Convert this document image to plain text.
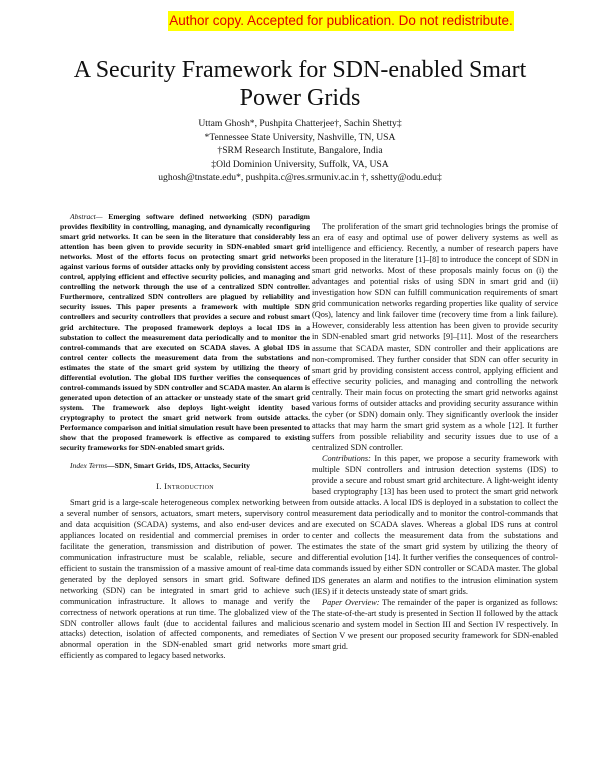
Author copy. Accepted for publication. Do not redistribute.
A Security Framework for SDN-enabled Smart
Power Grids
Uttam Ghosh*, Pushpita Chatterjee†, Sachin Shetty‡
*Tennessee State University, Nashville, TN, USA
†SRM Research Institute, Bangalore, India
‡Old Dominion University, Suffolk, VA, USA
ughosh@tnstate.edu*, pushpita.c@res.srmuniv.ac.in †, sshetty@odu.edu‡

Abstract— Emerging software defined networking (SDN) paradigm provides flexibility in controlling, managing, and dynamically reconfiguring smart grid networks. It can be seen in the literature that considerably less attention has been given to provide security in SDN-enabled smart grid networks. Most of the efforts focus on protecting smart grid networks against various forms of outsider attacks only by providing consistent access control, applying efficient and effective security policies, and managing and controlling the network through the use of a centralized SDN controller. Furthermore, centralized SDN controllers are plagued by reliability and security issues. This paper presents a framework with multiple SDN controllers and security controllers that provides a secure and robust smart grid architecture. The proposed framework deploys a local IDS in a substation to collect the measurement data periodically and to monitor the control-commands that are executed on SCADA slaves. A global IDS in control center collects the measurement data from the substations and estimates the state of the smart grid system by utilizing the theory of differential evolution. The global IDS further verifies the consequences of control-commands issued by SDN controller and SCADA master. An alarm is generated upon detection of an attacker or unsteady state of the smart grid system. The framework also deploys light-weight identity based cryptography to protect the smart grid network from outside attacks. Performance comparison and initial simulation result have been presented to show that the proposed framework is effective as compared to existing security frameworks for SDN-enabled smart grids.

Index Terms—SDN, Smart Grids, IDS, Attacks, Security

I. Introduction

Smart grid is a large-scale heterogeneous complex networking between a several number of sensors, actuators, smart meters, supervisory control and data acquisition (SCADA) systems, and also end-user devices and appliances located on residential and commercial premises in order to facilitate the generation, transmission and distribution of power. The communication infrastructure must be scalable, reliable, secure and efficient to sustain the transmission of a massive amount of real-time data generated by the deployed sensors in smart grid. Software defined networking (SDN) can be integrated in smart grid to achieve such communication infrastructure. It allows to manage and verify the correctness of network operations at run time. The globalized view of the SDN controller allows fault (due to accidental failures and malicious attacks) detection, isolation of affected components, and remediates of abnormal operation in the SDN-enabled smart grid networks more efficiently as compared to legacy based networks.

The proliferation of the smart grid technologies brings the promise of an era of easy and optimal use of power delivery systems as well as intelligence and efficiency. Recently, a number of research papers have been proposed in the literature [1]–[8] to introduce the concept of SDN in smart grid networks. Most of these proposals mainly focus on (i) the advantages and potential risks of using SDN in smart grid and (ii) investigation how SDN can fulfill communication requirements of smart grid communication networks regarding properties like quality of service (Qos), latency and link failover time (recovery time from a link failure). However, considerably less attention has been given to provide security in SDN-enabled smart grid networks [9]–[11]. Most of the researchers assume that SCADA master, SDN controller and their applications are non-compromised. They further consider that SDN can offer security in smart grid by providing consistent access control, applying efficient and effective security policies, and managing and controlling the network centrally. Their main focus on protecting the smart grid networks against various forms of outsider attacks and providing security assurance within the cyber (or SDN) domain only. They significantly overlook the insider attacks that may harm the smart grid system as a whole [12]. It further suffers from possible reliability and security issues due to use of a centralized SDN controller.

Contributions: In this paper, we propose a security framework with multiple SDN controllers and intrusion detection systems (IDS) to provide a secure and robust smart grid architecture. A light-weight identy based cryptography [13] has been used to protect the smart grid network from outside attacks. A local IDS is deployed in a substation to collect the measurement data periodically and to monitor the control-commands that are executed on SCADA slaves. Whereas a global IDS runs at control center and collects the measurement data from the substations and estimates the state of the smart grid system by utilizing the theory of differential evolution [14]. It further verifies the consequences of control-commands issued by either SDN controller or SCADA master. The global IDS generates an alarm and notifies to the intrusion elimination system (IES) if it detects unsteady state of smart grids.

Paper Overview: The remainder of the paper is organized as follows: The state-of-the-art study is presented in Section II followed by the attack scenario and system model in Section III and Section IV respectively. In Section V we present our proposed security framework for SDN-enabled smart grid.
